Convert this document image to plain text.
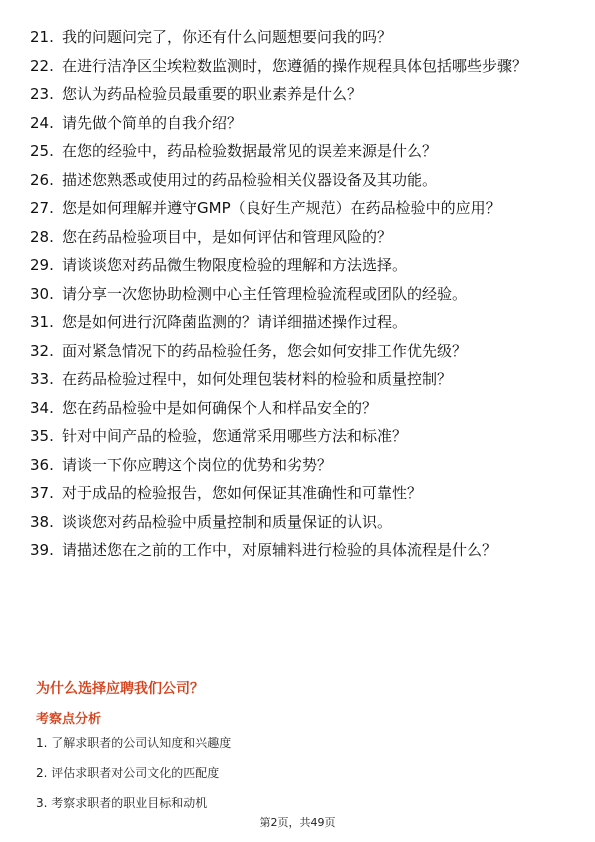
21. 我的问题问完了，你还有什么问题想要问我的吗？
22. 在进行洁净区尘埃粒数监测时，您遵循的操作规程具体包括哪些步骤？
23. 您认为药品检验员最重要的职业素养是什么？
24. 请先做个简单的自我介绍？
25. 在您的经验中，药品检验数据最常见的误差来源是什么？
26. 描述您熟悉或使用过的药品检验相关仪器设备及其功能。
27. 您是如何理解并遵守GMP（良好生产规范）在药品检验中的应用？
28. 您在药品检验项目中，是如何评估和管理风险的？
29. 请谈谈您对药品微生物限度检验的理解和方法选择。
30. 请分享一次您协助检测中心主任管理检验流程或团队的经验。
31. 您是如何进行沉降菌监测的？请详细描述操作过程。
32. 面对紧急情况下的药品检验任务，您会如何安排工作优先级？
33. 在药品检验过程中，如何处理包装材料的检验和质量控制？
34. 您在药品检验中是如何确保个人和样品安全的？
35. 针对中间产品的检验，您通常采用哪些方法和标准？
36. 请谈一下你应聘这个岗位的优势和劣势？
37. 对于成品的检验报告，您如何保证其准确性和可靠性？
38. 谈谈您对药品检验中质量控制和质量保证的认识。
39. 请描述您在之前的工作中，对原辅料进行检验的具体流程是什么？
为什么选择应聘我们公司？
考察点分析
1. 了解求职者的公司认知度和兴趣度
2. 评估求职者对公司文化的匹配度
3. 考察求职者的职业目标和动机
第2页，共49页
